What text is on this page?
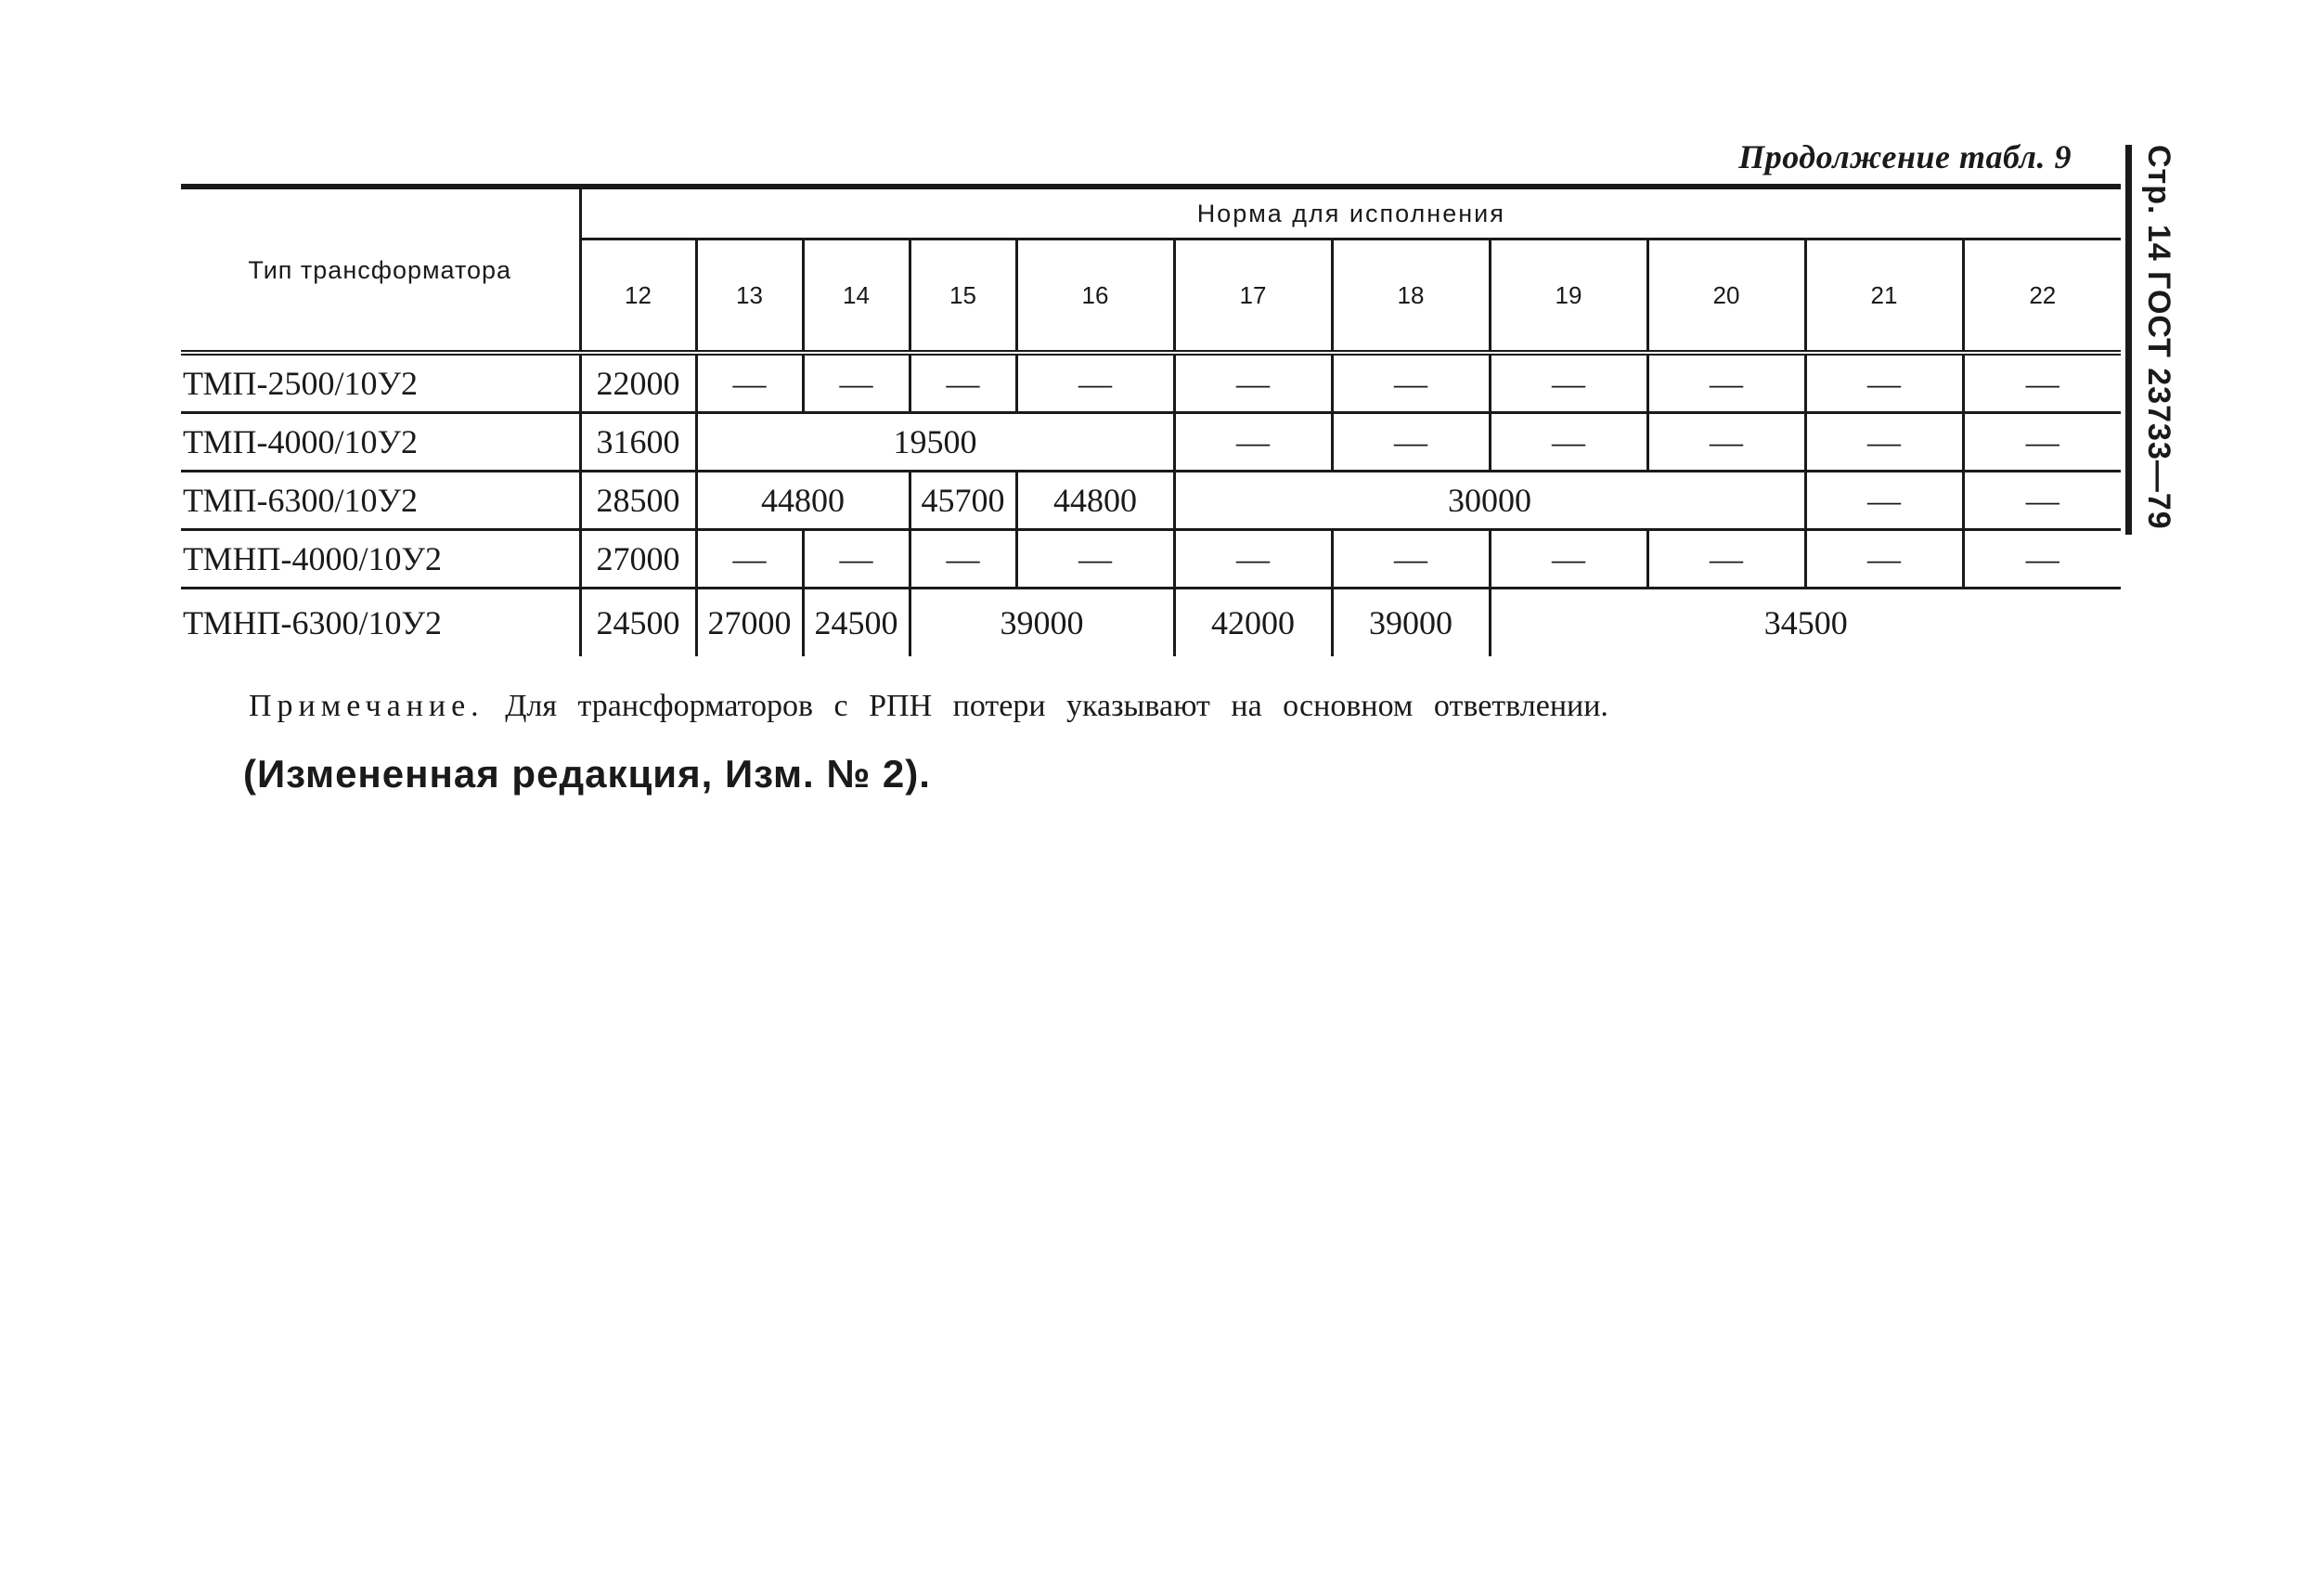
Продолжение табл. 9 Стр. 14 ГОСТ 23733—79
Тип трансформатора	Норма для исполнения										
	12	13	14	15	16	17	18	19	20	21	22
ТМП-2500/10У2	22000	—	—	—	—	—	—	—	—	—	—
ТМП-4000/10У2	31600	19500				—	—	—	—	—	—
ТМП-6300/10У2	28500	44800		45700	44800	30000				—	—
ТМНП-4000/10У2	27000	—	—	—	—	—	—	—	—	—	—
ТМНП-6300/10У2	24500	27000	24500	39000		42000	39000	34500			
Примечание. Для трансформаторов с РПН потери указывают на основном ответвлении.
(Измененная редакция, Изм. № 2).
